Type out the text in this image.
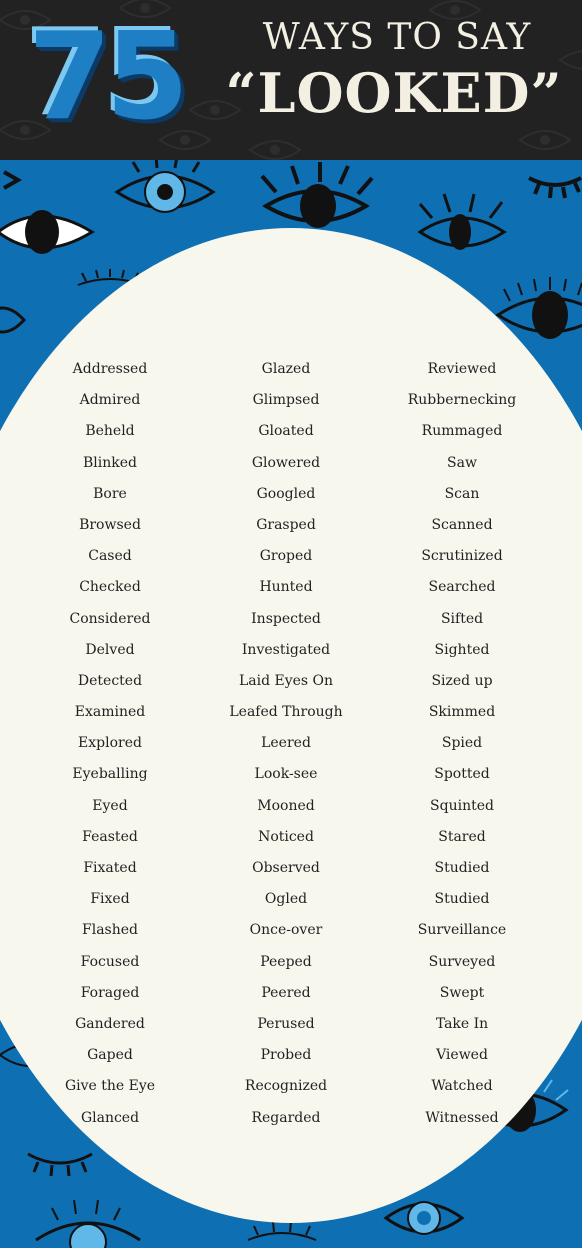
75	WAYS TO SAY
“LOOKED”
Addressed
Admired
Beheld
Blinked
Bore
Browsed
Cased
Checked
Considered
Delved
Detected
Examined
Explored
Eyeballing
Eyed
Feasted
Fixated
Fixed
Flashed
Focused
Foraged
Gandered
Gaped
Give the Eye
Glanced
Glazed
Glimpsed
Gloated
Glowered
Googled
Grasped
Groped
Hunted
Inspected
Investigated
Laid Eyes On
Leafed Through
Leered
Look-see
Mooned
Noticed
Observed
Ogled
Once-over
Peeped
Peered
Perused
Probed
Recognized
Regarded
Reviewed
Rubbernecking
Rummaged
Saw
Scan
Scanned
Scrutinized
Searched
Sifted
Sighted
Sized up
Skimmed
Spied
Spotted
Squinted
Stared
Studied
Studied
Surveillance
Surveyed
Swept
Take In
Viewed
Watched
Witnessed
